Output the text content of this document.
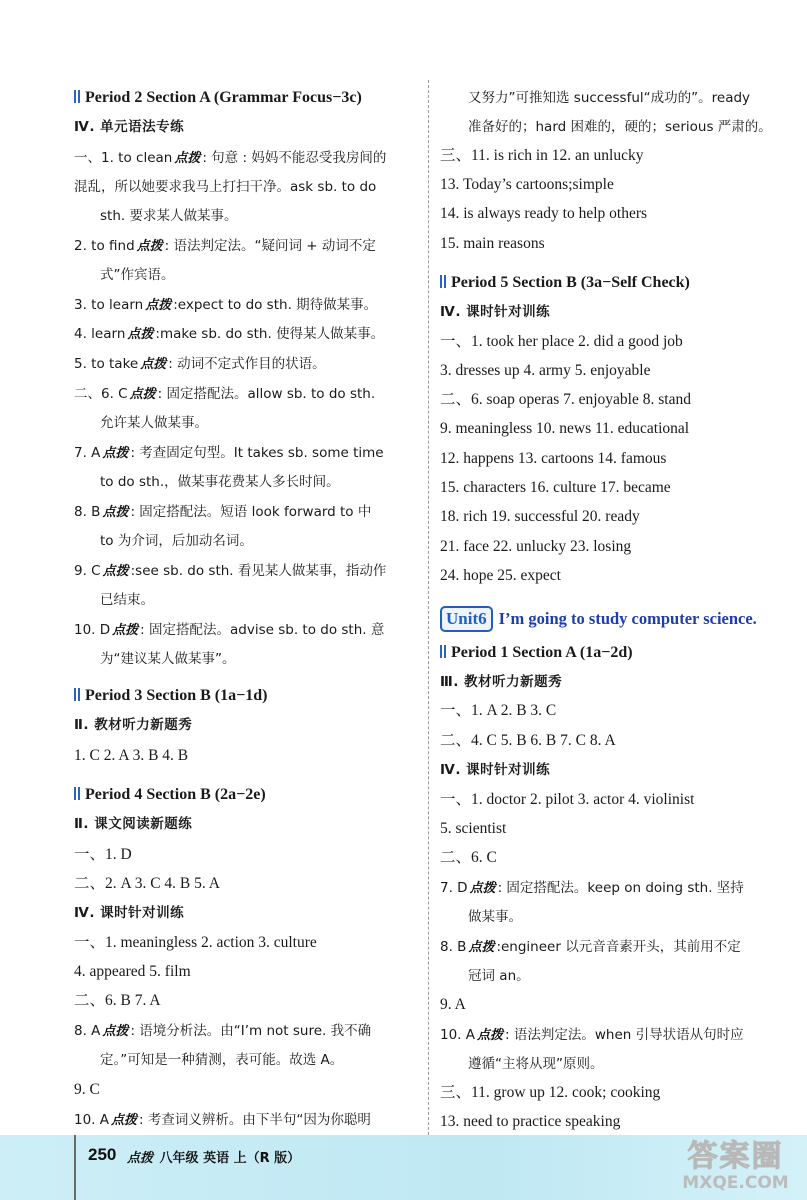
Period 2 Section A (Grammar Focus−3c)
Ⅳ. 单元语法专练
一、1. to clean 点拨 : 句意 : 妈妈不能忍受我房间的
混乱，所以她要求我马上打扫干净。ask sb. to do
sth. 要求某人做某事。
2. to find 点拨 : 语法判定法。“疑问词 + 动词不定
式”作宾语。
3. to learn 点拨 :expect to do sth. 期待做某事。
4. learn 点拨 :make sb. do sth. 使得某人做某事。
5. to take 点拨 : 动词不定式作目的状语。
二、6. C 点拨 : 固定搭配法。allow sb. to do sth.
允许某人做某事。
7. A 点拨 : 考查固定句型。It takes sb. some time
to do sth.，做某事花费某人多长时间。
8. B 点拨 : 固定搭配法。短语 look forward to 中
to 为介词，后加动名词。
9. C 点拨 :see sb. do sth. 看见某人做某事，指动作
已结束。
10. D 点拨 : 固定搭配法。advise sb. to do sth. 意
为“建议某人做某事”。
Period 3 Section B (1a−1d)
Ⅱ. 教材听力新题秀
1. C 2. A 3. B 4. B
Period 4 Section B (2a−2e)
Ⅱ. 课文阅读新题练
一、1. D
二、2. A 3. C 4. B 5. A
Ⅳ. 课时针对训练
一、1. meaningless 2. action 3. culture
4. appeared 5. film
二、6. B 7. A
8. A 点拨 : 语境分析法。由“I’m not sure. 我不确
定。”可知是一种猜测，表可能。故选 A。
9. C
10. A 点拨 : 考查词义辨析。由下半句“因为你聪明
又努力”可推知选 successful“成功的”。ready
准备好的；hard 困难的，硬的；serious 严肃的。
三、11. is rich in 12. an unlucky
13. Today’s cartoons;simple
14. is always ready to help others
15. main reasons
Period 5 Section B (3a−Self Check)
Ⅳ. 课时针对训练
一、1. took her place 2. did a good job
3. dresses up 4. army 5. enjoyable
二、6. soap operas 7. enjoyable 8. stand
9. meaningless 10. news 11. educational
12. happens 13. cartoons 14. famous
15. characters 16. culture 17. became
18. rich 19. successful 20. ready
21. face 22. unlucky 23. losing
24. hope 25. expect
Unit6 I’m going to study computer science.
Period 1 Section A (1a−2d)
Ⅲ. 教材听力新题秀
一、1. A 2. B 3. C
二、4. C 5. B 6. B 7. C 8. A
Ⅳ. 课时针对训练
一、1. doctor 2. pilot 3. actor 4. violinist
5. scientist
二、6. C
7. D 点拨 : 固定搭配法。keep on doing sth. 坚持
做某事。
8. B 点拨 :engineer 以元音音素开头，其前用不定
冠词 an。
9. A
10. A 点拨 : 语法判定法。when 引导状语从句时应
遵循“主将从现”原则。
三、11. grow up 12. cook; cooking
13. need to practice speaking
250 点拨 八年级 英语 上（R 版）	答案圈
MXQE.COM
